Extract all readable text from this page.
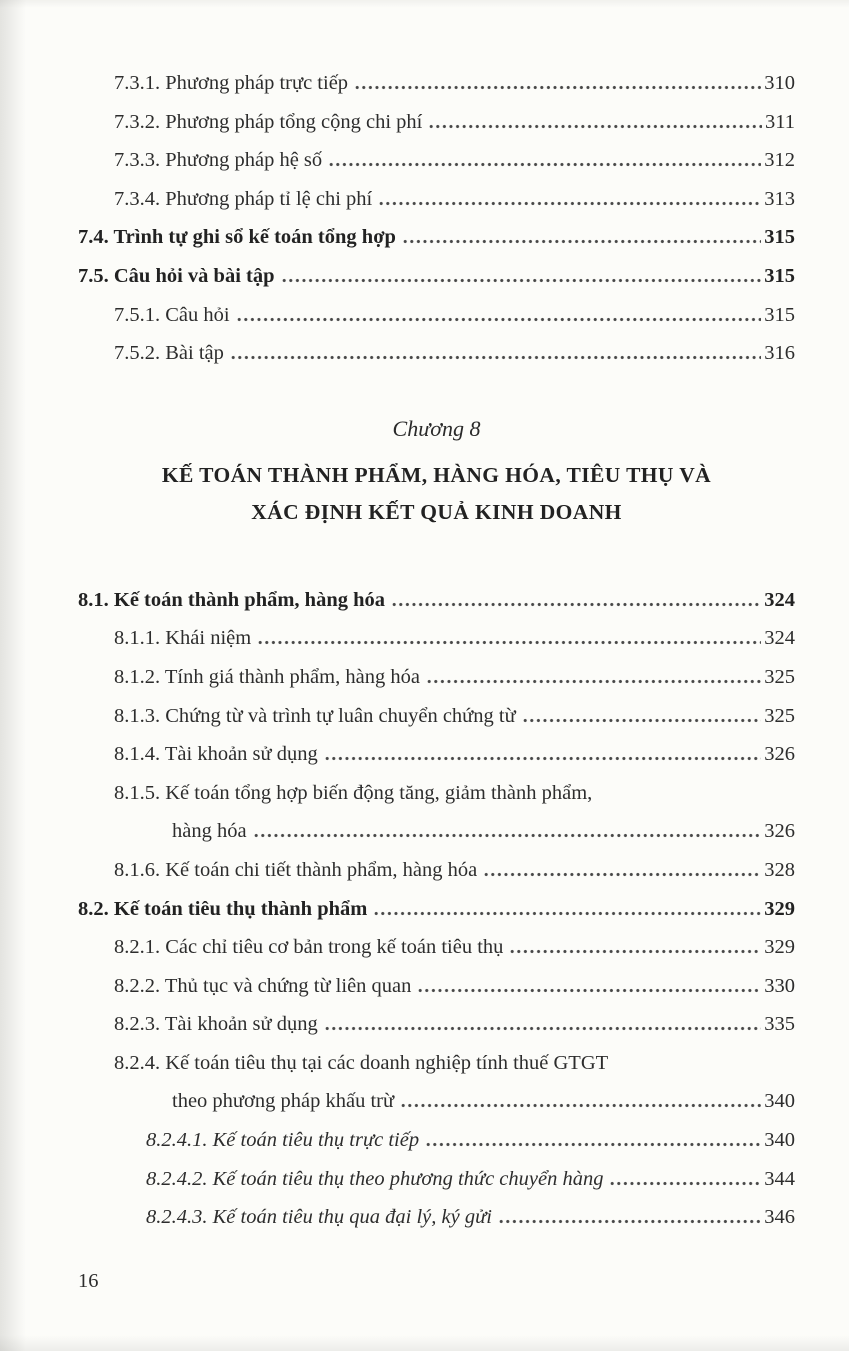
7.3.1. Phương pháp trực tiếp	310
7.3.2. Phương pháp tổng cộng chi phí	311
7.3.3. Phương pháp hệ số	312
7.3.4. Phương pháp tỉ lệ chi phí	313
7.4. Trình tự ghi sổ kế toán tổng hợp	315
7.5. Câu hỏi và bài tập	315
7.5.1. Câu hỏi	315
7.5.2. Bài tập	316
Chương 8
KẾ TOÁN THÀNH PHẨM, HÀNG HÓA, TIÊU THỤ VÀ
XÁC ĐỊNH KẾT QUẢ KINH DOANH
8.1. Kế toán thành phẩm, hàng hóa	324
8.1.1. Khái niệm	324
8.1.2. Tính giá thành phẩm, hàng hóa	325
8.1.3. Chứng từ và trình tự luân chuyển chứng từ	325
8.1.4. Tài khoản sử dụng	326
8.1.5. Kế toán tổng hợp biến động tăng, giảm thành phẩm,
hàng hóa	326
8.1.6. Kế toán chi tiết thành phẩm, hàng hóa	328
8.2. Kế toán tiêu thụ thành phẩm	329
8.2.1. Các chỉ tiêu cơ bản trong kế toán tiêu thụ	329
8.2.2. Thủ tục và chứng từ liên quan	330
8.2.3. Tài khoản sử dụng	335
8.2.4. Kế toán tiêu thụ tại các doanh nghiệp tính thuế GTGT
theo phương pháp khấu trừ	340
8.2.4.1. Kế toán tiêu thụ trực tiếp	340
8.2.4.2. Kế toán tiêu thụ theo phương thức chuyển hàng	344
8.2.4.3. Kế toán tiêu thụ qua đại lý, ký gửi	346
16
